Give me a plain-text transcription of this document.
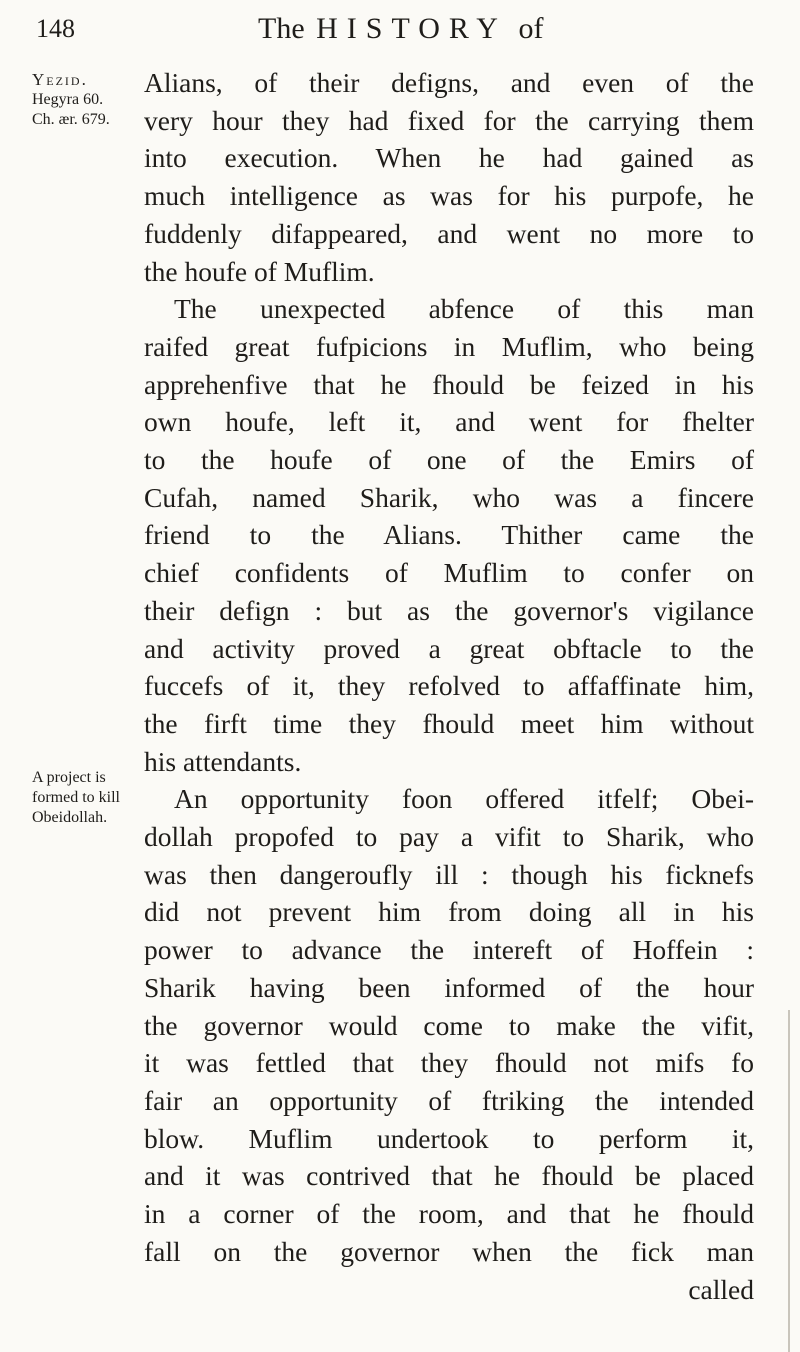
148	The HISTORY of
Yezid.
Hegyra 60.
Ch. ær. 679.
A project is
formed to kill
Obeidollah.
Alians, of their defigns, and even of the
very hour they had fixed for the carrying them
into execution. When he had gained as
much intelligence as was for his purpofe, he
fuddenly difappeared, and went no more to
the houfe of Muflim.
The unexpected abfence of this man
raifed great fufpicions in Muflim, who being
apprehenfive that he fhould be feized in his
own houfe, left it, and went for fhelter
to the houfe of one of the Emirs of
Cufah, named Sharik, who was a fincere
friend to the Alians. Thither came the
chief confidents of Muflim to confer on
their defign : but as the governor's vigilance
and activity proved a great obftacle to the
fuccefs of it, they refolved to affaffinate him,
the firft time they fhould meet him without
his attendants.
An opportunity foon offered itfelf; Obei-
dollah propofed to pay a vifit to Sharik, who
was then dangeroufly ill : though his ficknefs
did not prevent him from doing all in his
power to advance the intereft of Hoffein :
Sharik having been informed of the hour
the governor would come to make the vifit,
it was fettled that they fhould not mifs fo
fair an opportunity of ftriking the intended
blow. Muflim undertook to perform it,
and it was contrived that he fhould be placed
in a corner of the room, and that he fhould
fall on the governor when the fick man
called
